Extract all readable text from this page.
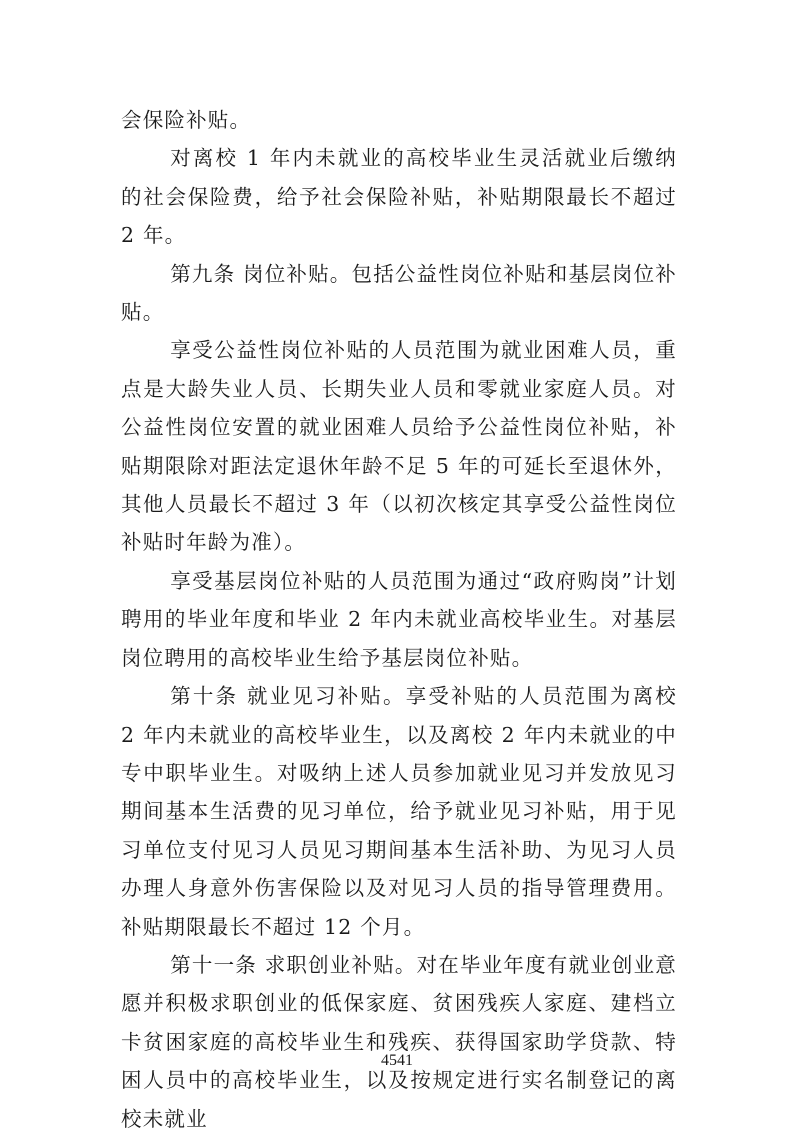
会保险补贴。

对离校 1 年内未就业的高校毕业生灵活就业后缴纳的社会保险费，给予社会保险补贴，补贴期限最长不超过 2 年。

第九条 岗位补贴。包括公益性岗位补贴和基层岗位补贴。

享受公益性岗位补贴的人员范围为就业困难人员，重点是大龄失业人员、长期失业人员和零就业家庭人员。对公益性岗位安置的就业困难人员给予公益性岗位补贴，补贴期限除对距法定退休年龄不足 5 年的可延长至退休外，其他人员最长不超过 3 年（以初次核定其享受公益性岗位补贴时年龄为准）。

享受基层岗位补贴的人员范围为通过“政府购岗”计划聘用的毕业年度和毕业 2 年内未就业高校毕业生。对基层岗位聘用的高校毕业生给予基层岗位补贴。

第十条 就业见习补贴。享受补贴的人员范围为离校 2 年内未就业的高校毕业生，以及离校 2 年内未就业的中专中职毕业生。对吸纳上述人员参加就业见习并发放见习期间基本生活费的见习单位，给予就业见习补贴，用于见习单位支付见习人员见习期间基本生活补助、为见习人员办理人身意外伤害保险以及对见习人员的指导管理费用。补贴期限最长不超过 12 个月。

第十一条 求职创业补贴。对在毕业年度有就业创业意愿并积极求职创业的低保家庭、贫困残疾人家庭、建档立卡贫困家庭的高校毕业生和残疾、获得国家助学贷款、特困人员中的高校毕业生，以及按规定进行实名制登记的离校未就业

4541
